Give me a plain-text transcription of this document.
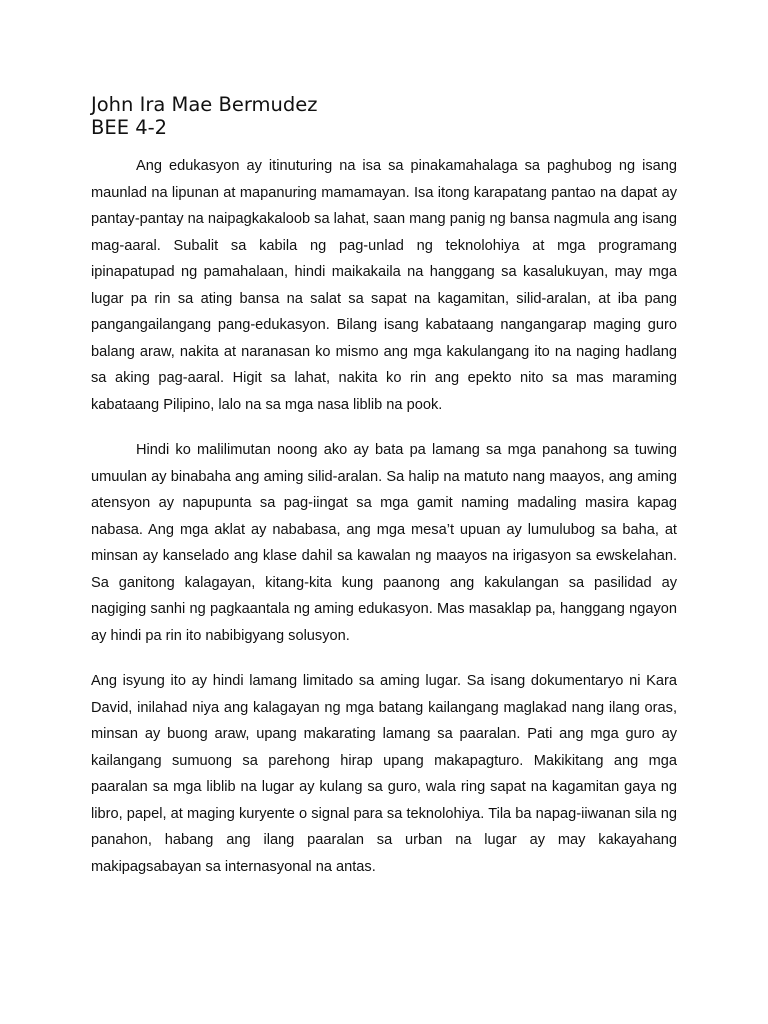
John Ira Mae Bermudez
BEE 4-2

Ang edukasyon ay itinuturing na isa sa pinakamahalaga sa paghubog ng isang maunlad na lipunan at mapanuring mamamayan. Isa itong karapatang pantao na dapat ay pantay-pantay na naipagkakaloob sa lahat, saan mang panig ng bansa nagmula ang isang mag-aaral. Subalit sa kabila ng pag-unlad ng teknolohiya at mga programang ipinapatupad ng pamahalaan, hindi maikakaila na hanggang sa kasalukuyan, may mga lugar pa rin sa ating bansa na salat sa sapat na kagamitan, silid-aralan, at iba pang pangangailangang pang-edukasyon. Bilang isang kabataang nangangarap maging guro balang araw, nakita at naranasan ko mismo ang mga kakulangang ito na naging hadlang sa aking pag-aaral. Higit sa lahat, nakita ko rin ang epekto nito sa mas maraming kabataang Pilipino, lalo na sa mga nasa liblib na pook.

Hindi ko malilimutan noong ako ay bata pa lamang sa mga panahong sa tuwing umuulan ay binabaha ang aming silid-aralan. Sa halip na matuto nang maayos, ang aming atensyon ay napupunta sa pag-iingat sa mga gamit naming madaling masira kapag nabasa. Ang mga aklat ay nababasa, ang mga mesa’t upuan ay lumulubog sa baha, at minsan ay kanselado ang klase dahil sa kawalan ng maayos na irigasyon sa ewskelahan. Sa ganitong kalagayan, kitang-kita kung paanong ang kakulangan sa pasilidad ay nagiging sanhi ng pagkaantala ng aming edukasyon. Mas masaklap pa, hanggang ngayon ay hindi pa rin ito nabibigyang solusyon.

Ang isyung ito ay hindi lamang limitado sa aming lugar. Sa isang dokumentaryo ni Kara David, inilahad niya ang kalagayan ng mga batang kailangang maglakad nang ilang oras, minsan ay buong araw, upang makarating lamang sa paaralan. Pati ang mga guro ay kailangang sumuong sa parehong hirap upang makapagturo. Makikitang ang mga paaralan sa mga liblib na lugar ay kulang sa guro, wala ring sapat na kagamitan gaya ng libro, papel, at maging kuryente o signal para sa teknolohiya. Tila ba napag-iiwanan sila ng panahon, habang ang ilang paaralan sa urban na lugar ay may kakayahang makipagsabayan sa internasyonal na antas.
